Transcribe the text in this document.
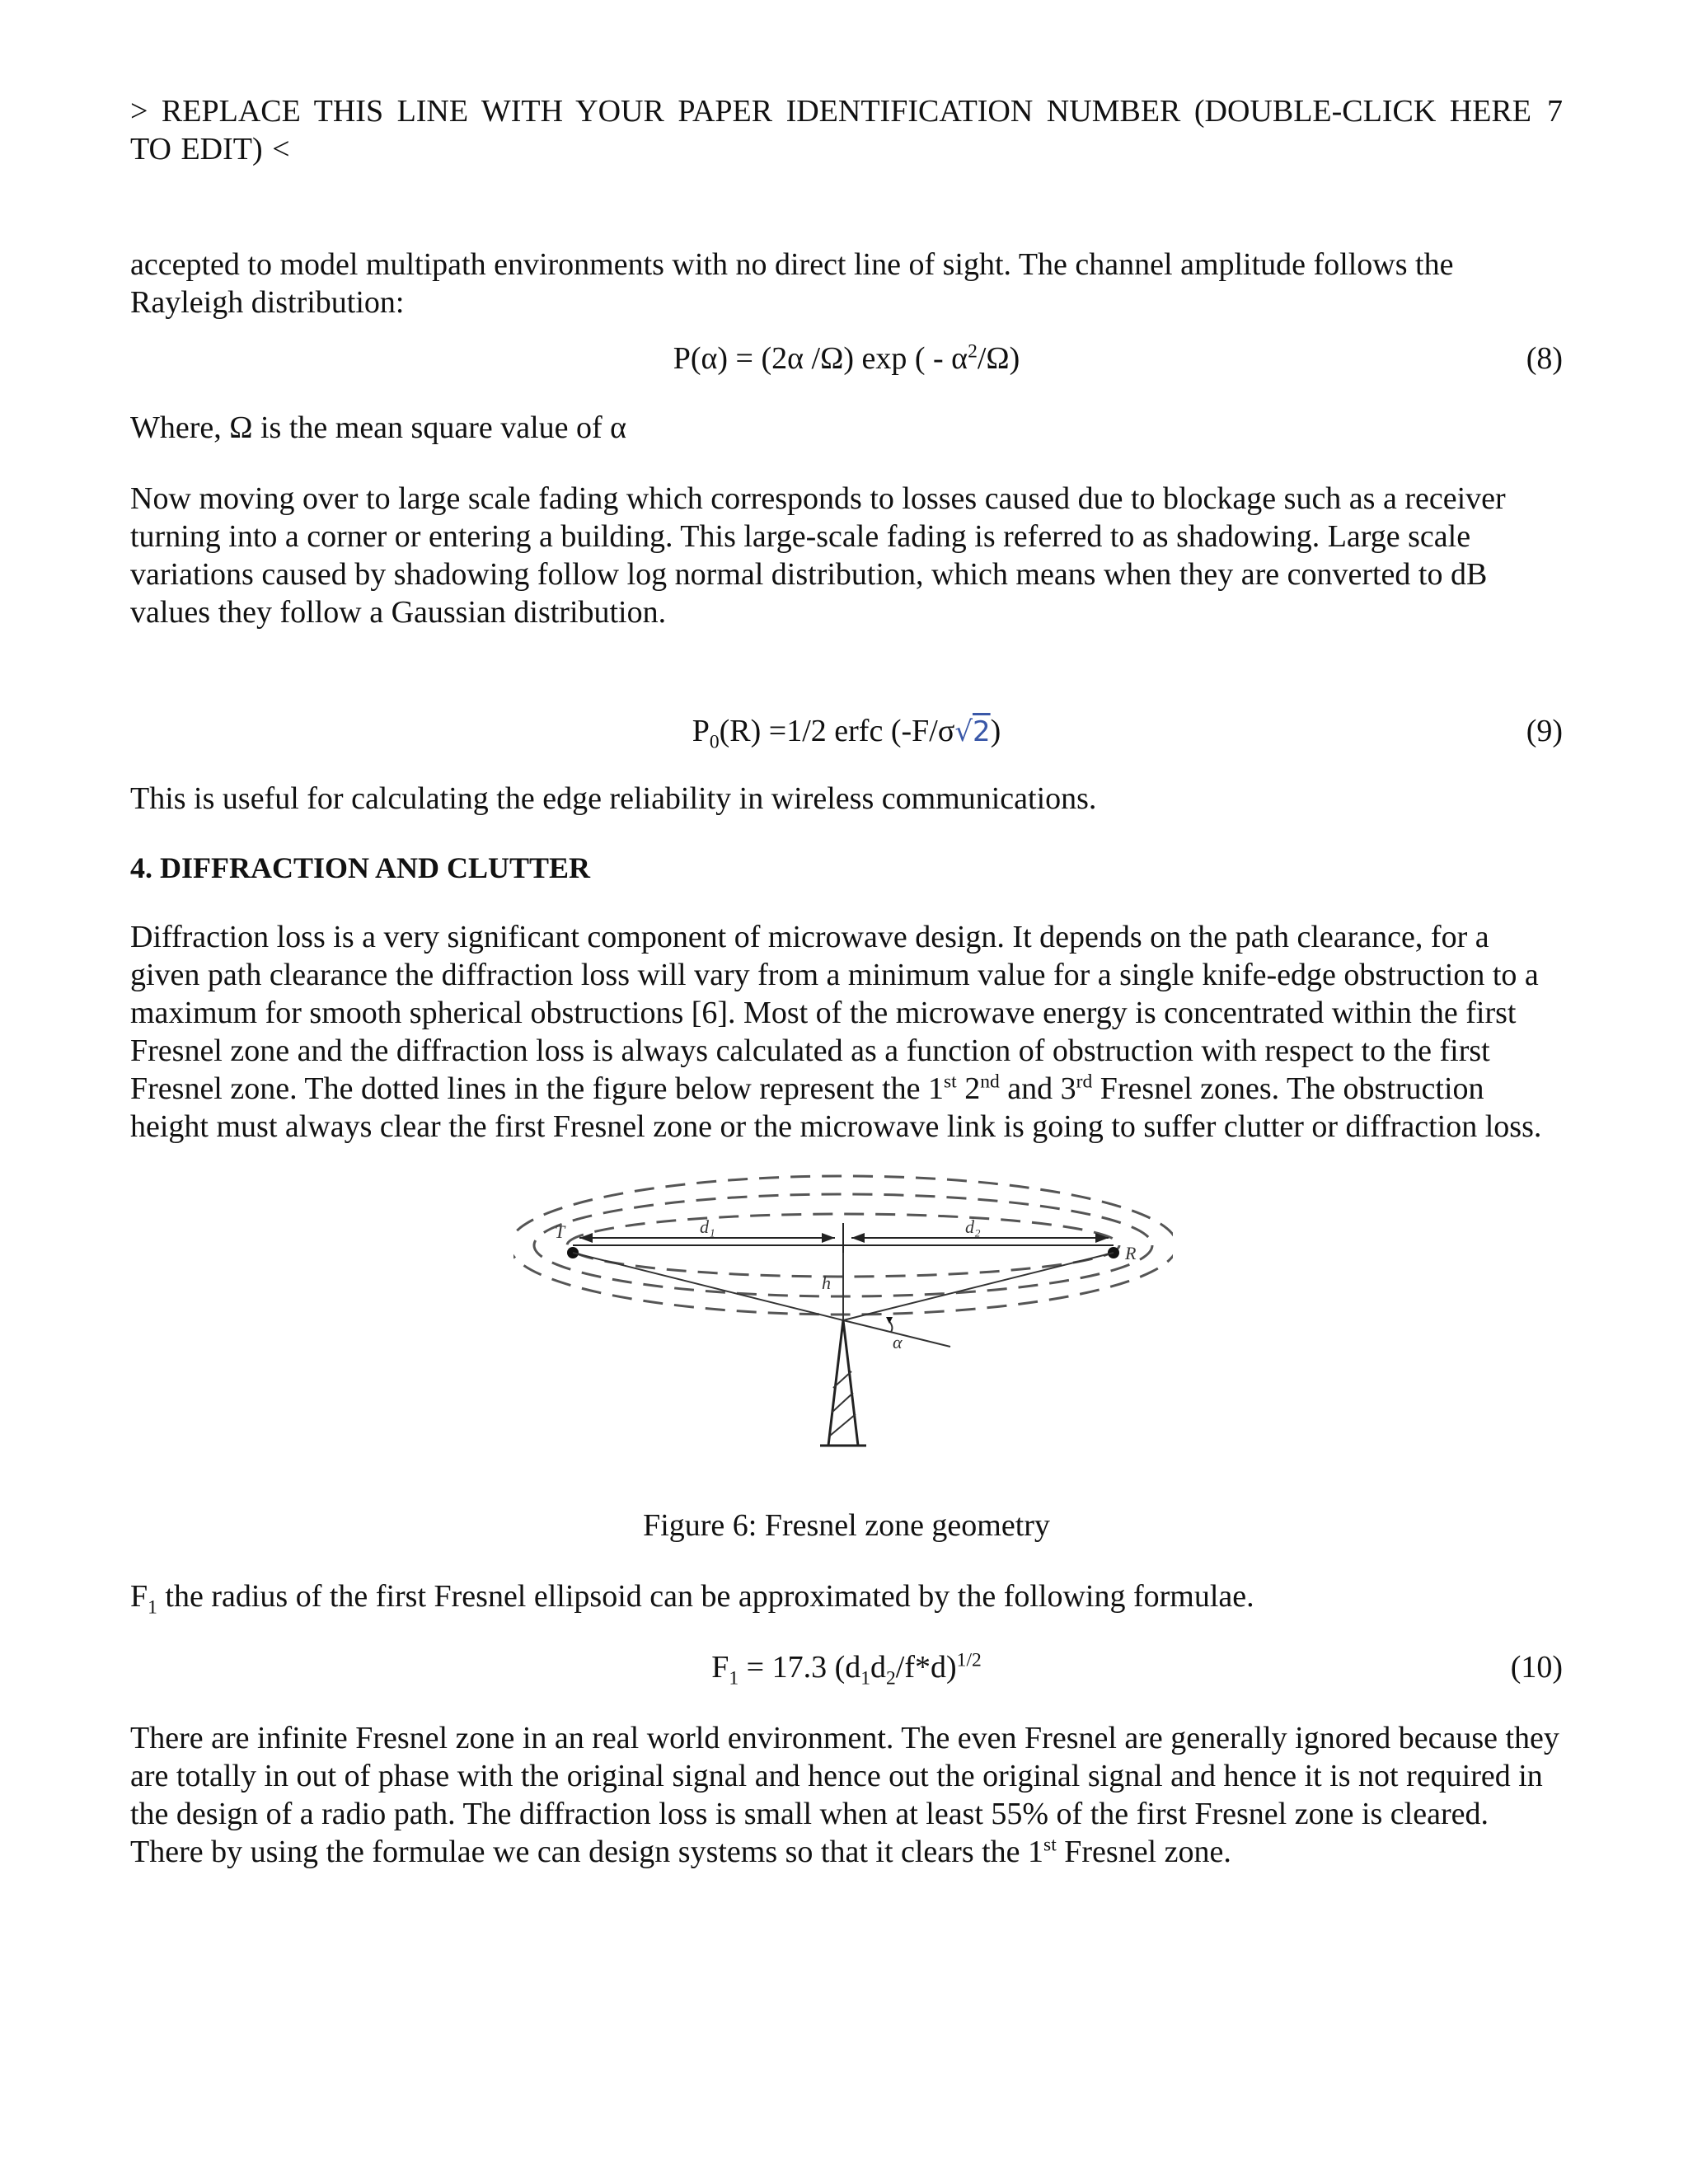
> REPLACE THIS LINE WITH YOUR PAPER IDENTIFICATION NUMBER (DOUBLE-CLICK HERE TO EDIT) <
7

accepted to model multipath environments with no direct line of sight. The channel amplitude follows the Rayleigh distribution:

P(α) = (2α /Ω) exp ( - $\alpha^2/\Omega$)	(8)

Where, Ω is the mean square value of α

Now moving over to large scale fading which corresponds to losses caused due to blockage such as a receiver turning into a corner or entering a building. This large-scale fading is referred to as shadowing. Large scale variations caused by shadowing follow log normal distribution, which means when they are converted to dB values they follow a Gaussian distribution.

$P_0(R) =1/2$ erfc (-F/σ√2)	(9)

This is useful for calculating the edge reliability in wireless communications.

4. DIFFRACTION AND CLUTTER

Diffraction loss is a very significant component of microwave design. It depends on the path clearance, for a given path clearance the diffraction loss will vary from a minimum value for a single knife-edge obstruction to a maximum for smooth spherical obstructions [6]. Most of the microwave energy is concentrated within the first Fresnel zone and the diffraction loss is always calculated as a function of obstruction with respect to the first Fresnel zone. The dotted lines in the figure below represent the 1st 2nd and 3rd Fresnel zones. The obstruction height must always clear the first Fresnel zone or the microwave link is going to suffer clutter or diffraction loss.

T
R
d₁	d₂
h
α
Figure 6: Fresnel zone geometry

$F_1$ the radius of the first Fresnel ellipsoid can be approximated by the following formulae.

$F_1 = 17.3$ $(d_1d_2/f*d)^{1/2}$	(10)

There are infinite Fresnel zone in an real world environment. The even Fresnel are generally ignored because they are totally in out of phase with the original signal and hence out the original signal and hence it is not required in the design of a radio path. The diffraction loss is small when at least 55% of the first Fresnel zone is cleared. There by using the formulae we can design systems so that it clears the 1st Fresnel zone.
